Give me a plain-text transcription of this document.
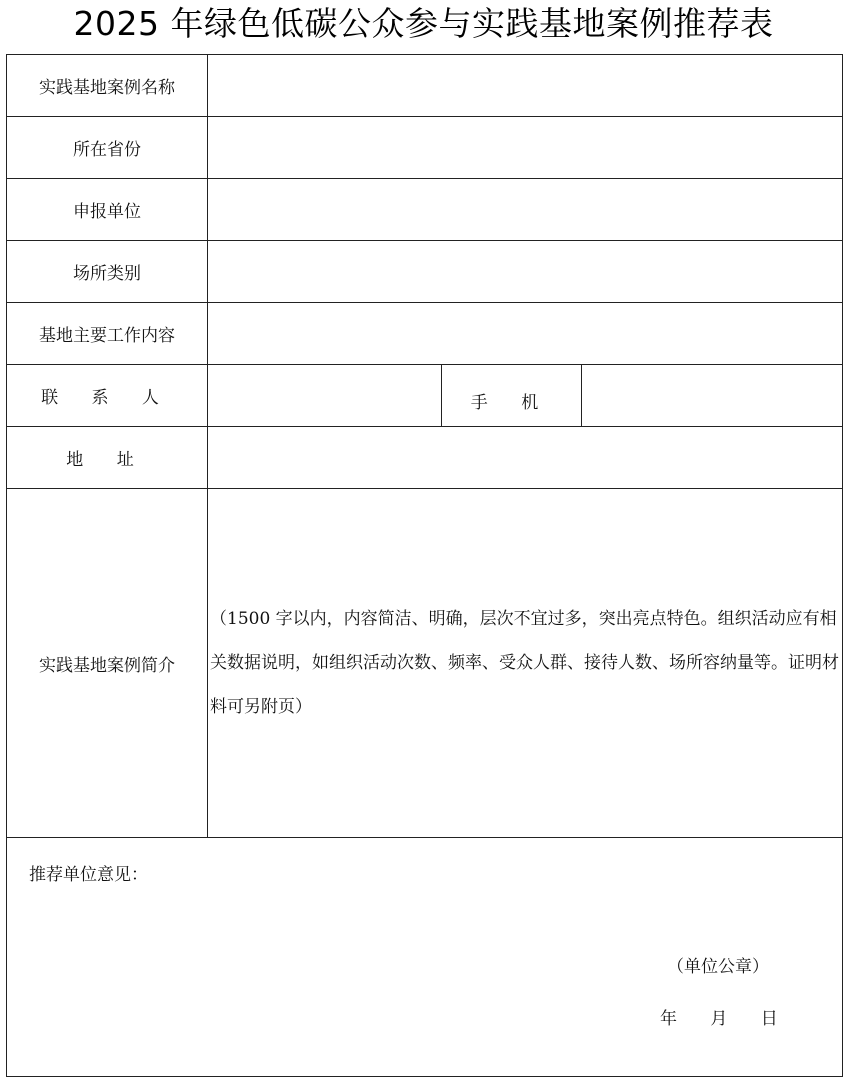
2025 年绿色低碳公众参与实践基地案例推荐表
实践基地案例名称			
所在省份			
申报单位			
场所类别			
基地主要工作内容			
联 系 人		手 机	
地 址			
实践基地案例简介	（1500 字以内，内容简洁、明确，层次不宜过多，突出亮点特色。组织活动应有相关数据说明，如组织活动次数、频率、受众人群、接待人数、场所容纳量等。证明材料可另附页）		

推荐单位意见：
（单位公章）
年 月 日			
